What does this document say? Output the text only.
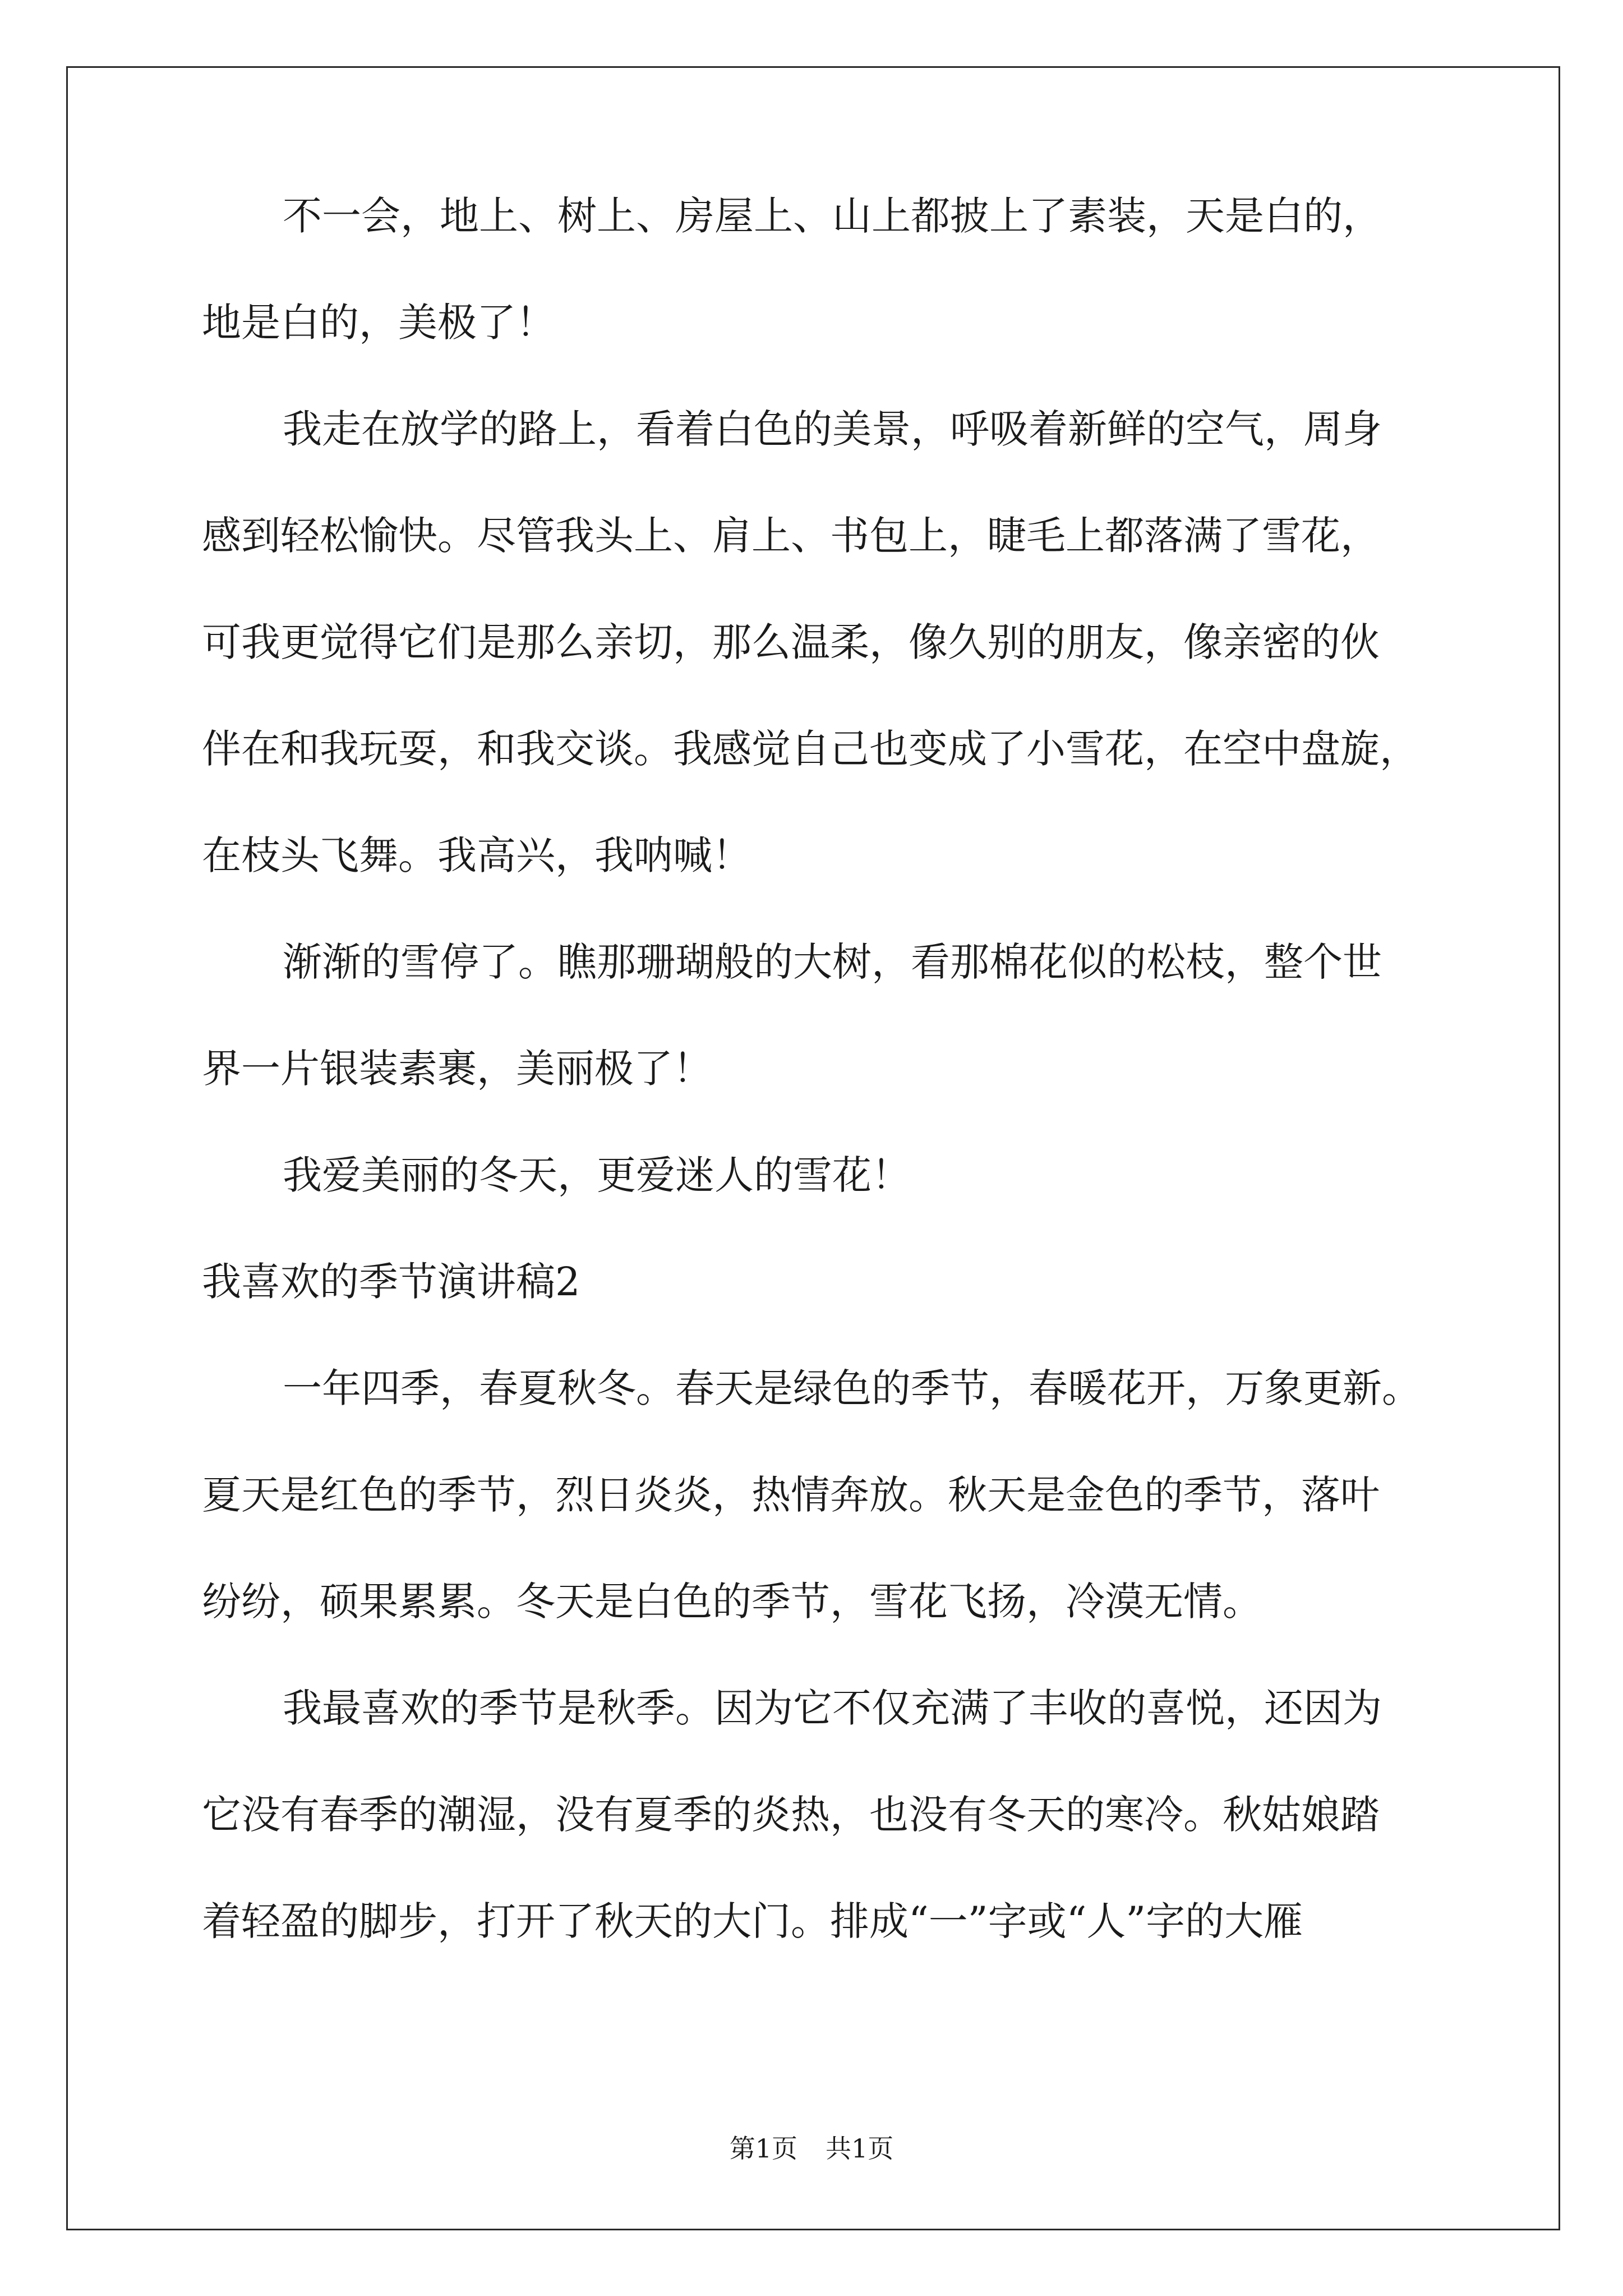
不一会，地上、树上、房屋上、山上都披上了素装，天是白的，
地是白的，美极了！
我走在放学的路上，看着白色的美景，呼吸着新鲜的空气，周身
感到轻松愉快。尽管我头上、肩上、书包上，睫毛上都落满了雪花，
可我更觉得它们是那么亲切，那么温柔，像久别的朋友，像亲密的伙
伴在和我玩耍，和我交谈。我感觉自己也变成了小雪花，在空中盘旋，
在枝头飞舞。我高兴，我呐喊！
渐渐的雪停了。瞧那珊瑚般的大树，看那棉花似的松枝，整个世
界一片银装素裹，美丽极了！
我爱美丽的冬天，更爱迷人的雪花！
我喜欢的季节演讲稿2
一年四季，春夏秋冬。春天是绿色的季节，春暖花开，万象更新。
夏天是红色的季节，烈日炎炎，热情奔放。秋天是金色的季节，落叶
纷纷，硕果累累。冬天是白色的季节，雪花飞扬，冷漠无情。
我最喜欢的季节是秋季。因为它不仅充满了丰收的喜悦，还因为
它没有春季的潮湿，没有夏季的炎热，也没有冬天的寒冷。秋姑娘踏
着轻盈的脚步，打开了秋天的大门。排成“一”字或“人”字的大雁
第1页 共1页
